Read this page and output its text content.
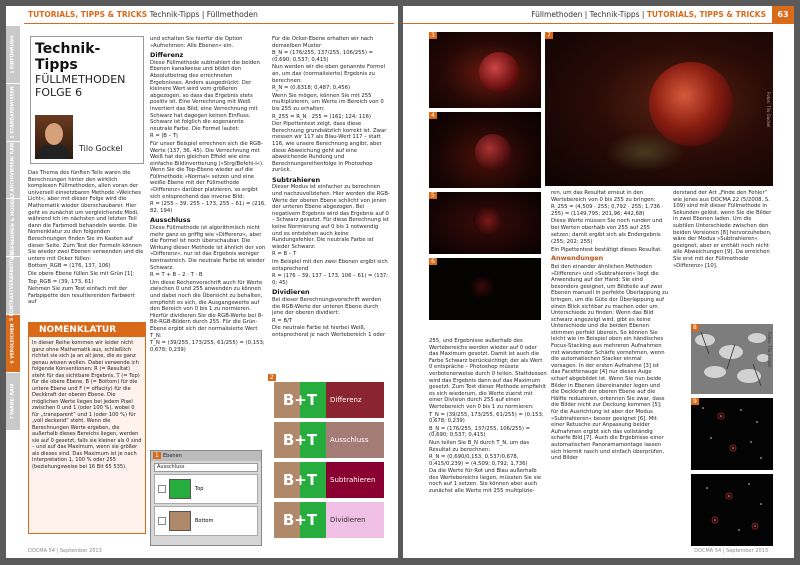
TUTORIALS, TIPPS & TRICKS Technik-Tipps | Füllmethoden
1 EINFÜHRUNG
2 STANDARDWISSEN
3 ARCHIVIEREN/ RAW
4 AUFNEHMEN & MODELL
5 KONTRASTVERARBEITUNG
6 VERGLEICHEN
7 FARBE/ RAW
Technik-Tipps
FÜLLMETHODEN
FOLGE 6
Tilo Gockel

Das Thema des fünften Teils waren die Berechnungen hinter den wirklich komplexen Füllmethoden, allen voran der universell einsetzbaren Methode »Weiches Licht«, aber mit dieser Folge wird die Mathematik wieder überschaubarer. Hier geht es zunächst um vergleichende Modi, während ich im nächsten und letzten Teil dann die Farbmodi behandeln werde. Die Nomenklatur zu den folgenden Berechnungen finden Sie im Kasten auf dieser Seite. Zum Test der Formeln können Sie wieder zwei Ebenen verwenden und die untere mit Ocker füllen:

Bottom_RGB = (176, 137, 106)

Die obere Ebene füllen Sie mit Grün [1]:

Top_RGB = (39, 173, 61)

Nehmen Sie zum Test einfach mit der Farbpipette den resultierenden Farbwert auf

NOMENKLATUR
In dieser Reihe kommen wir leider nicht ganz ohne Mathematik aus, schließlich richtet sie sich ja an all jene, die es ganz genau wissen wollen. Dabei verwende ich folgende Konventionen: R (= Resultat) steht für das sichtbare Ergebnis, T (= Top) für die obere Ebene, B (= Bottom) für die untere Ebene und F (= offacity) für die Deckkraft der oberen Ebene. Die möglichen Werte liegen bei jedem Pixel zwischen 0 und 1 (oder 100 %), wobei 0 für „transparent“ und 1 (oder 100 %) für „voll deckend“ steht. Wenn die Berechnungen Werte ergeben, die außerhalb dieses Bereichs liegen, werden sie auf 0 gesetzt, falls sie kleiner als 0 sind – und auf das Maximum, wenn sie größer als dieses sind. Das Maximum ist je nach Interpretation 1, 100 % oder 255 (beziehungsweise bei 16 Bit 65 535).

und schalten Sie hierfür die Option »Aufnehmen: Alle Ebenen« ein.

Differenz

Diese Füllmethode subtrahiert die beiden Ebenen kanalweise und bildet den Absolutbetrag des errechneten Ergebnisses. Anders ausgedrückt: Der kleinere Wert wird vom größeren abgezogen, so dass das Ergebnis stets positiv ist. Eine Verrechnung mit Weiß invertiert das Bild; eine Verrechnung mit Schwarz hat dagegen keinen Einfluss. Schwarz ist folglich die sogenannte neutrale Farbe. Die Formel lautet:

R = |B – T|

Für unser Beispiel errechnen sich die RGB-Werte (137, 36, 45). Die Verrechnung mit Weiß hat den gleichen Effekt wie eine einfache Bildinvertierung (»Strg/Befehl-I«). Wenn Sie die Top-Ebene wieder auf die Füllmethode »Normal« setzen und eine weiße Ebene mit der Füllmethode »Differenz« darüber platzieren, so ergibt sich entsprechend das inverse Bild:

R = (255 – 39, 255 – 173, 255 – 61) = (216, 82, 194)

Ausschluss

Diese Füllmethode ist algorithmisch nicht mehr ganz so griffig wie »Differenz«, aber die Formel ist noch überschaubar. Die Wirkung dieser Methode ist ähnlich der von »Differenz«, nur ist das Ergebnis weniger kontrastreich. Die neutrale Farbe ist wieder Schwarz.

R = T + B – 2 · T · B

Um diese Rechenvorschrift auch für Werte zwischen 0 und 255 anwenden zu können und dabei noch die Übersicht zu behalten, empfiehlt es sich, die Ausgangswerte auf den Bereich von 0 bis 1 zu normieren. Hierfür dividieren Sie die RGB-Werte bei 8-Bit-RGB-Bildern durch 255. Für die Grün-Ebene ergibt sich der normalisierte Wert T_N:

T_N = (39/255, 173/255, 61/255) = (0,153; 0,678; 0,239)

Für die Ocker-Ebene erhalten wir nach demselben Muster

B_N = (176/255, 137/255, 106/255) = (0,690; 0,537; 0,415)

Nun werden wir die oben genannte Formel an, um das (normalisierte) Ergebnis zu berechnen:

R_N = (0,6318; 0,487; 0,456)

Wenn Sie mögen, können Sie mit 255 multiplizieren, um Werte im Bereich von 0 bis 255 zu erhalten:

R_255 = R_N · 255 = (161; 124; 116)

Der Pipettentest zeigt, dass diese Berechnung grundsätzlich korrekt ist. Zwar messen wir 117 als Blau-Wert 117 – statt 116, wie unsere Berechnung angibt, aber diese Abweichung geht auf eine abweichende Rundung und Berechnungsreihenfolge in Photoshop zurück.

Subtrahieren

Dieser Modus ist einfacher zu berechnen und nachzuvollziehen. Hier werden die RGB-Werte der oberen Ebene schlicht von jenen der unteren Ebene abgezogen. Bei negativem Ergebnis wird das Ergebnis auf 0 – Schwarz gesetzt. Für diese Berechnung ist keine Normierung auf 0 bis 1 notwendig und es entstehen auch keine Rundungsfehler. Die neutrale Farbe ist wieder Schwarz:

R = B – T

Im Beispiel mit den zwei Ebenen ergibt sich entsprechend

R = (176 – 39, 137 – 173, 106 – 61) = (137; 0; 45)

Dividieren

Bei dieser Berechnungsvorschrift werden die RGB-Werte der unteren Ebene durch jene der oberen dividiert:

R = B/T

Die neutrale Farbe ist hierbei Weiß, entsprechend je nach Wertebereich 1 oder

1 Ebenen
Ausschluss
Top
Bottom
2
B+T	Differenz
B+T	Ausschluss
B+T	Subtrahieren
B+T	Dividieren
DOCMA 54 | September 2013
Füllmethoden | Technik-Tipps | TUTORIALS, TIPPS & TRICKS	63
3
4
5
6
7
Fotos: Tilo Gockel
8
Fotos: Tilo Gockel
9

255, und Ergebnisse außerhalb des Wertebereichs werden wieder auf 0 oder das Maximum gesetzt. Damit ist auch die Farbe Schwarz berücksichtigt; der als Wert 0 entspräche – Photoshop müsste verbotenerweise durch 0 teilen. Stattdessen wird das Ergebnis dann auf das Maximum gesetzt. Zum Test dieser Methode empfiehlt es sich wiederum, die Werte zuerst mit einer Division durch 255 auf einen Wertebereich von 0 bis 1 zu normieren:

T_N = (39/255, 173/255, 61/255) = (0,153; 0,678; 0,239)

B_N = (176/255, 137/255, 106/255) = (0,690; 0,537; 0,415)

Nun teilen Sie B_N durch T_N, um das Resultat zu berechnen:

R_N = (0,690/0,153, 0,537/0,678, 0,415/0,239) = (4,509; 0,792; 1,736)

Da die Werte für Rot und Blau außerhalb des Wertebereichs liegen, müssten Sie sie noch auf 1 setzen. Sie können aber auch zunächst alle Werte mit 255 multiplizie-

ren, um das Resultat erneut in den Wertebereich von 0 bis 255 zu bringen:

R_255 = (4,509 · 255; 0,792 · 255; 1,736 · 255) = (1149,795; 201,96; 442,68)

Diese Werte müssen Sie noch runden und bei Werten oberhalb von 255 auf 255 setzen; damit ergibt sich als Endergebnis

(255; 202; 255)

Ein Pipettentest bestätigt dieses Resultat.

Anwendungen

Bei den einander ähnlichen Methoden »Differenz« und »Subtrahieren« liegt die Anwendung auf der Hand: Sie sind besonders geeignet, um Bildteile auf zwei Ebenen manuell in perfekte Überlappung zu bringen, um die Güte der Überlappung auf einen Blick sichtbar zu machen oder um Unterschiede zu finden: Wenn das Bild schwarz angezeigt wird, gibt es keine Unterschiede und die beiden Ebenen stimmen perfekt überein. So können Sie leicht wie im Beispiel oben ein händisches Focus-Stacking aus mehreren Aufnahmen mit wandernder Schärfe vornehmen, wenn die automatischen Stacker einmal versagen. In der ersten Aufnahme [3] ist das Facettenauge [4] nur dieses Auge scharf abgebildet ist. Wenn Sie nun beide Bilder in Ebenen übereinander legen und die Deckkraft der oberen Ebene auf die Hälfte reduzieren, erkennen Sie zwar, dass die Bilder nicht zur Deckung kommen [5]; für die Ausrichtung ist aber der Modus »Subtrahieren« besser geeignet [6]. Mit einer Retusche zur Anpassung beider Aufnahmen ergibt sich das vollständig scharfe Bild [7]. Auch die Ergebnisse einer automatischen Panoramamontage lassen sich hiermit rasch und einfach überprüfen, und Bilder

derstand der Art „Finde den Fehler“ wie jenes aus DOCMA 22 (5/2008, S. 109) sind mit dieser Füllmethode in Sekunden gelöst, wenn Sie die Bilder in zwei Ebenen laden. Um die subtilen Unterschiede zwischen den beiden Versionen [8] hervorzuheben, wäre der Modus »Subtrahieren« geeignet, aber er enthält noch nicht alle Abweichungen [9]. Da erreichen Sie erst mit der Füllmethode »Differenz« [10].

DOCMA 54 | September 2013
